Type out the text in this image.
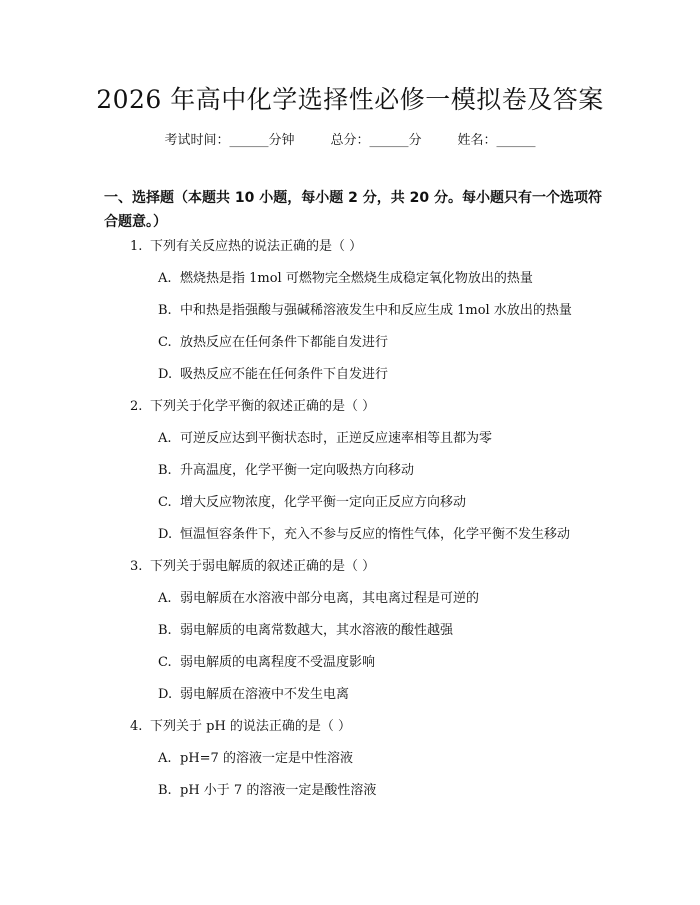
2026 年高中化学选择性必修一模拟卷及答案
考试时间：______分钟	总分：______分	姓名：______
一、选择题（本题共 10 小题，每小题 2 分，共 20 分。每小题只有一个选项符合题意。）
1. 下列有关反应热的说法正确的是（ ）
A. 燃烧热是指 1mol 可燃物完全燃烧生成稳定氧化物放出的热量
B. 中和热是指强酸与强碱稀溶液发生中和反应生成 1mol 水放出的热量
C. 放热反应在任何条件下都能自发进行
D. 吸热反应不能在任何条件下自发进行
2. 下列关于化学平衡的叙述正确的是（ ）
A. 可逆反应达到平衡状态时，正逆反应速率相等且都为零
B. 升高温度，化学平衡一定向吸热方向移动
C. 增大反应物浓度，化学平衡一定向正反应方向移动
D. 恒温恒容条件下，充入不参与反应的惰性气体，化学平衡不发生移动
3. 下列关于弱电解质的叙述正确的是（ ）
A. 弱电解质在水溶液中部分电离，其电离过程是可逆的
B. 弱电解质的电离常数越大，其水溶液的酸性越强
C. 弱电解质的电离程度不受温度影响
D. 弱电解质在溶液中不发生电离
4. 下列关于 pH 的说法正确的是（ ）
A. pH=7 的溶液一定是中性溶液
B. pH 小于 7 的溶液一定是酸性溶液
